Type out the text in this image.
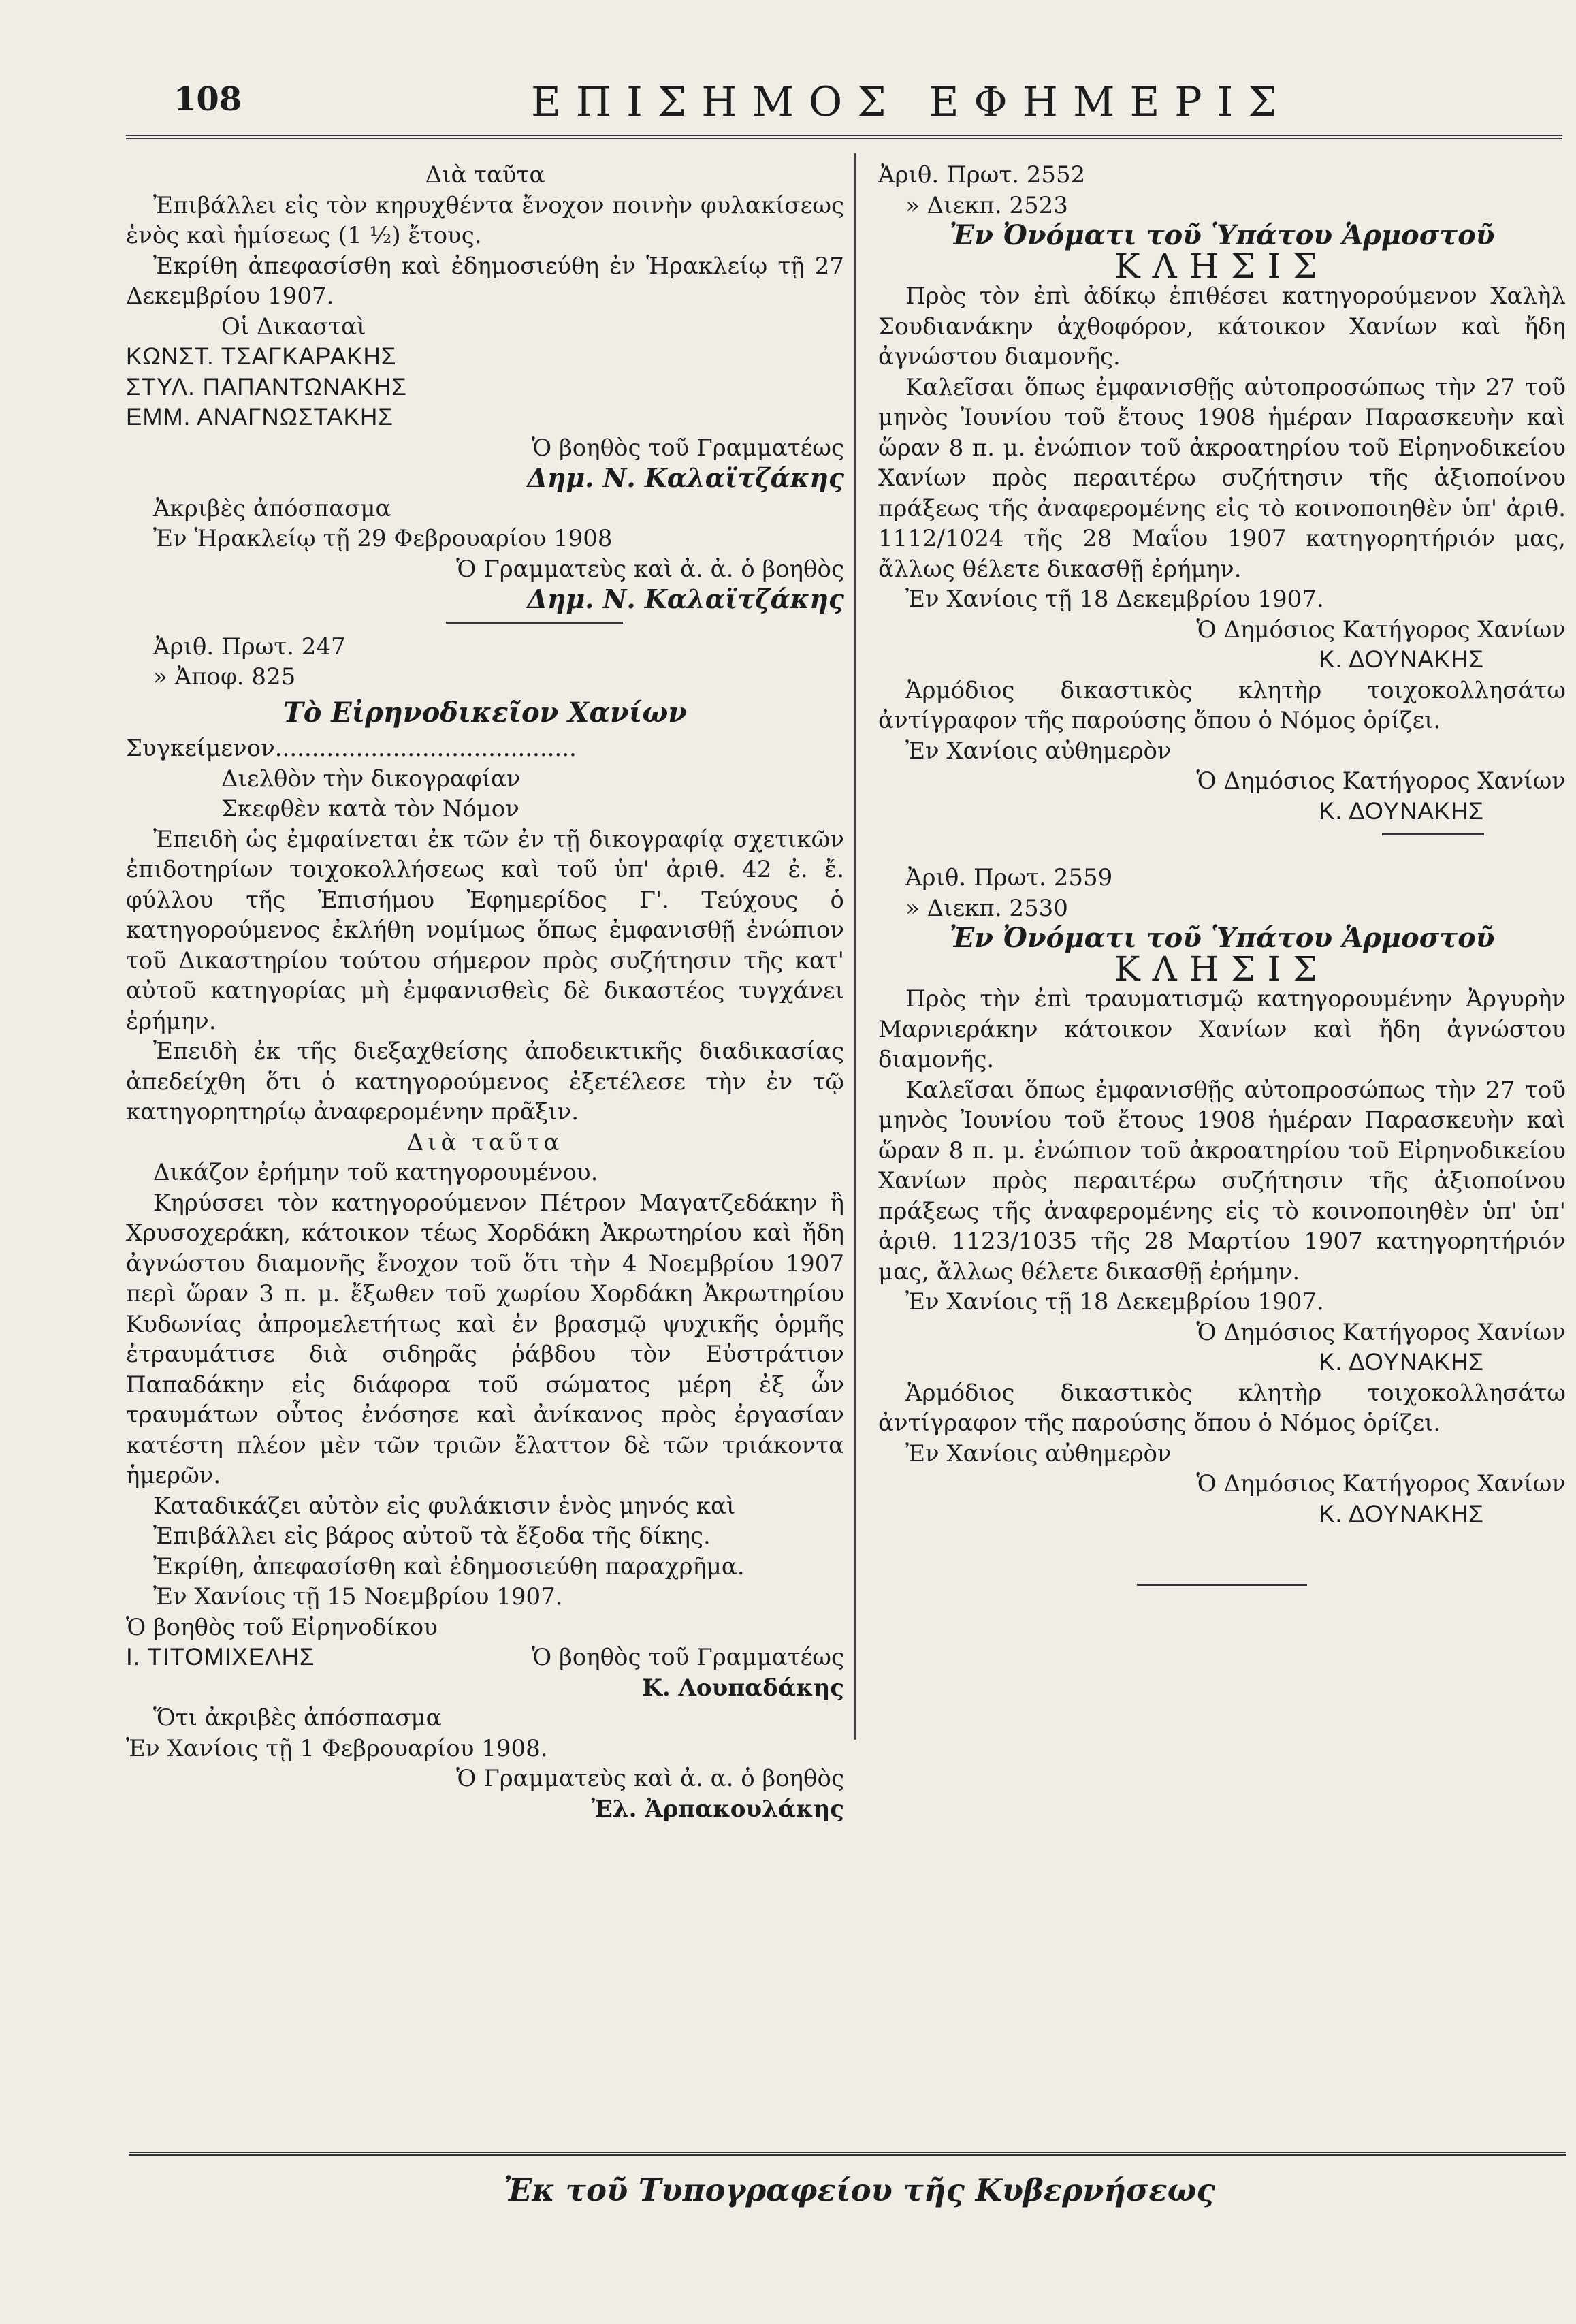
108	ΕΠΙΣΗΜΟΣ ΕΦΗΜΕΡΙΣ

Διὰ ταῦτα

Ἐπιβάλλει εἰς τὸν κηρυχθέντα ἔνοχον ποινὴν φυλακίσεως ἑνὸς καὶ ἡμίσεως (1 ½) ἔτους.

Ἐκρίθη ἀπεφασίσθη καὶ ἐδημοσιεύθη ἐν Ἡρακλείῳ τῇ 27 Δεκεμβρίου 1907.

Οἱ Δικασταὶ

ΚΩΝΣΤ. ΤΣΑΓΚΑΡΑΚΗΣ

ΣΤΥΛ. ΠΑΠΑΝΤΩΝΑΚΗΣ

ΕΜΜ. ΑΝΑΓΝΩΣΤΑΚΗΣ

Ὁ βοηθὸς τοῦ Γραμματέως

Δημ. Ν. Καλαϊτζάκης

Ἀκριβὲς ἀπόσπασμα

Ἐν Ἡρακλείῳ τῇ 29 Φεβρουαρίου 1908

Ὁ Γραμματεὺς καὶ ἀ. ἀ. ὁ βοηθὸς

Δημ. Ν. Καλαϊτζάκης

Ἀριθ. Πρωτ. 247

» Ἀποφ. 825

Τὸ Εἰρηνοδικεῖον Χανίων

Συγκείμενον.........................................

Διελθὸν τὴν δικογραφίαν

Σκεφθὲν κατὰ τὸν Νόμον

Ἐπειδὴ ὡς ἐμφαίνεται ἐκ τῶν ἐν τῇ δικογραφίᾳ σχετικῶν ἐπιδοτηρίων τοιχοκολλήσεως καὶ τοῦ ὑπ' ἀριθ. 42 ἐ. ἔ. φύλλου τῆς Ἐπισήμου Ἐφημερίδος Γ'. Τεύχους ὁ κατηγορούμενος ἐκλήθη νομίμως ὅπως ἐμφανισθῇ ἐνώπιον τοῦ Δικαστηρίου τούτου σήμερον πρὸς συζήτησιν τῆς κατ' αὐτοῦ κατηγορίας μὴ ἐμφανισθεὶς δὲ δικαστέος τυγχάνει ἐρήμην.

Ἐπειδὴ ἐκ τῆς διεξαχθείσης ἀποδεικτικῆς διαδικασίας ἀπεδείχθη ὅτι ὁ κατηγορούμενος ἐξετέλεσε τὴν ἐν τῷ κατηγορητηρίῳ ἀναφερομένην πρᾶξιν.

Διὰ ταῦτα

Δικάζον ἐρήμην τοῦ κατηγορουμένου.

Κηρύσσει τὸν κατηγορούμενον Πέτρον Μαγατζεδάκην ἢ Χρυσοχεράκη, κάτοικον τέως Χορδάκη Ἀκρωτηρίου καὶ ἤδη ἀγνώστου διαμονῆς ἔνοχον τοῦ ὅτι τὴν 4 Νοεμβρίου 1907 περὶ ὥραν 3 π. μ. ἔξωθεν τοῦ χωρίου Χορδάκη Ἀκρωτηρίου Κυδωνίας ἀπρομελετήτως καὶ ἐν βρασμῷ ψυχικῆς ὁρμῆς ἐτραυμάτισε διὰ σιδηρᾶς ῥάβδου τὸν Εὐστράτιον Παπαδάκην εἰς διάφορα τοῦ σώματος μέρη ἐξ ὧν τραυμάτων οὗτος ἐνόσησε καὶ ἀνίκανος πρὸς ἐργασίαν κατέστη πλέον μὲν τῶν τριῶν ἔλαττον δὲ τῶν τριάκοντα ἡμερῶν.

Καταδικάζει αὐτὸν εἰς φυλάκισιν ἑνὸς μηνός καὶ

Ἐπιβάλλει εἰς βάρος αὐτοῦ τὰ ἔξοδα τῆς δίκης.

Ἐκρίθη, ἀπεφασίσθη καὶ ἐδημοσιεύθη παραχρῆμα.

Ἐν Χανίοις τῇ 15 Νοεμβρίου 1907.

Ὁ βοηθὸς τοῦ Εἰρηνοδίκου

Ι. ΤΙΤΟΜΙΧΕΛΗΣ	Ὁ βοηθὸς τοῦ Γραμματέως

Κ. Λουπαδάκης

Ὅτι ἀκριβὲς ἀπόσπασμα

Ἐν Χανίοις τῇ 1 Φεβρουαρίου 1908.

Ὁ Γραμματεὺς καὶ ἀ. α. ὁ βοηθὸς

Ἐλ. Ἀρπακουλάκης

Ἀριθ. Πρωτ. 2552

» Διεκπ. 2523

Ἐν Ὀνόματι τοῦ Ὑπάτου Ἁρμοστοῦ

ΚΛΗΣΙΣ

Πρὸς τὸν ἐπὶ ἀδίκῳ ἐπιθέσει κατηγορούμενον Χαλὴλ Σουδιανάκην ἀχθοφόρον, κάτοικον Χανίων καὶ ἤδη ἀγνώστου διαμονῆς.

Καλεῖσαι ὅπως ἐμφανισθῇς αὐτοπροσώπως τὴν 27 τοῦ μηνὸς Ἰουνίου τοῦ ἔτους 1908 ἡμέραν Παρασκευὴν καὶ ὥραν 8 π. μ. ἐνώπιον τοῦ ἀκροατηρίου τοῦ Εἰρηνοδικείου Χανίων πρὸς περαιτέρω συζήτησιν τῆς ἀξιοποίνου πράξεως τῆς ἀναφερομένης εἰς τὸ κοινοποιηθὲν ὑπ' ἀριθ. 1112/1024 τῆς 28 Μαΐου 1907 κατηγορητήριόν μας, ἄλλως θέλετε δικασθῇ ἐρήμην.

Ἐν Χανίοις τῇ 18 Δεκεμβρίου 1907.

Ὁ Δημόσιος Κατήγορος Χανίων

Κ. ΔΟΥΝΑΚΗΣ

Ἁρμόδιος δικαστικὸς κλητὴρ τοιχοκολλησάτω ἀντίγραφον τῆς παρούσης ὅπου ὁ Νόμος ὁρίζει.

Ἐν Χανίοις αὐθημερὸν

Ὁ Δημόσιος Κατήγορος Χανίων

Κ. ΔΟΥΝΑΚΗΣ

Ἀριθ. Πρωτ. 2559

» Διεκπ. 2530

Ἐν Ὀνόματι τοῦ Ὑπάτου Ἁρμοστοῦ

ΚΛΗΣΙΣ

Πρὸς τὴν ἐπὶ τραυματισμῷ κατηγορουμένην Ἀργυρὴν Μαρνιεράκην κάτοικον Χανίων καὶ ἤδη ἀγνώστου διαμονῆς.

Καλεῖσαι ὅπως ἐμφανισθῇς αὐτοπροσώπως τὴν 27 τοῦ μηνὸς Ἰουνίου τοῦ ἔτους 1908 ἡμέραν Παρασκευὴν καὶ ὥραν 8 π. μ. ἐνώπιον τοῦ ἀκροατηρίου τοῦ Εἰρηνοδικείου Χανίων πρὸς περαιτέρω συζήτησιν τῆς ἀξιοποίνου πράξεως τῆς ἀναφερομένης εἰς τὸ κοινοποιηθὲν ὑπ' ὑπ' ἀριθ. 1123/1035 τῆς 28 Μαρτίου 1907 κατηγορητήριόν μας, ἄλλως θέλετε δικασθῇ ἐρήμην.

Ἐν Χανίοις τῇ 18 Δεκεμβρίου 1907.

Ὁ Δημόσιος Κατήγορος Χανίων

Κ. ΔΟΥΝΑΚΗΣ

Ἁρμόδιος δικαστικὸς κλητὴρ τοιχοκολλησάτω ἀντίγραφον τῆς παρούσης ὅπου ὁ Νόμος ὁρίζει.

Ἐν Χανίοις αὐθημερὸν

Ὁ Δημόσιος Κατήγορος Χανίων

Κ. ΔΟΥΝΑΚΗΣ

Ἐκ τοῦ Τυπογραφείου τῆς Κυβερνήσεως
